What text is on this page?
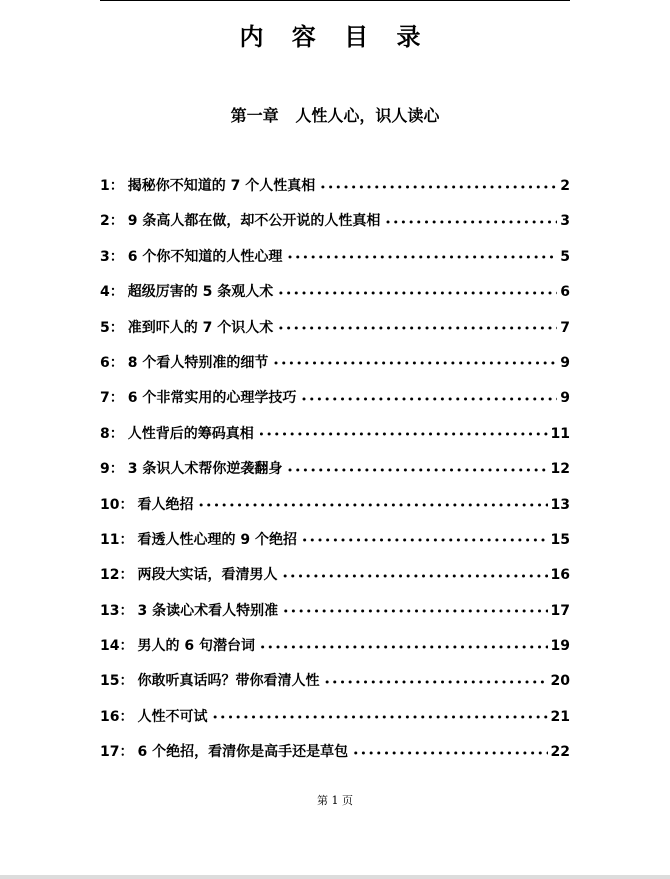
内 容 目 录
第一章   人性人心，识人读心
1： 揭秘你不知道的 7 个人性真相 ●●●●●●●●●●●●●●●●●●●●●●●●●●●●●●●●●●●●●●●●●●●●●●●●●●●●●●●●●●●●●●●●●●●●●●●●●●●●●●●●●●●●●●●●●●●●●●●●●●●●●●●●●●●●●●●●●●	2
2： 9 条高人都在做，却不公开说的人性真相 ●●●●●●●●●●●●●●●●●●●●●●●●●●●●●●●●●●●●●●●●●●●●●●●●●●●●●●●●●●●●●●●●●●●●●●●●●●●●●●●●●●●●●●●●●●●●●●●●●●●●●●●●●●●●●●●●●●	3
3： 6 个你不知道的人性心理 ●●●●●●●●●●●●●●●●●●●●●●●●●●●●●●●●●●●●●●●●●●●●●●●●●●●●●●●●●●●●●●●●●●●●●●●●●●●●●●●●●●●●●●●●●●●●●●●●●●●●●●●●●●●●●●●●●●	5
4： 超级厉害的 5 条观人术 ●●●●●●●●●●●●●●●●●●●●●●●●●●●●●●●●●●●●●●●●●●●●●●●●●●●●●●●●●●●●●●●●●●●●●●●●●●●●●●●●●●●●●●●●●●●●●●●●●●●●●●●●●●●●●●●●●●	6
5： 准到吓人的 7 个识人术 ●●●●●●●●●●●●●●●●●●●●●●●●●●●●●●●●●●●●●●●●●●●●●●●●●●●●●●●●●●●●●●●●●●●●●●●●●●●●●●●●●●●●●●●●●●●●●●●●●●●●●●●●●●●●●●●●●●	7
6： 8 个看人特别准的细节 ●●●●●●●●●●●●●●●●●●●●●●●●●●●●●●●●●●●●●●●●●●●●●●●●●●●●●●●●●●●●●●●●●●●●●●●●●●●●●●●●●●●●●●●●●●●●●●●●●●●●●●●●●●●●●●●●●●	9
7： 6 个非常实用的心理学技巧 ●●●●●●●●●●●●●●●●●●●●●●●●●●●●●●●●●●●●●●●●●●●●●●●●●●●●●●●●●●●●●●●●●●●●●●●●●●●●●●●●●●●●●●●●●●●●●●●●●●●●●●●●●●●●●●●●●●	9
8： 人性背后的筹码真相 ●●●●●●●●●●●●●●●●●●●●●●●●●●●●●●●●●●●●●●●●●●●●●●●●●●●●●●●●●●●●●●●●●●●●●●●●●●●●●●●●●●●●●●●●●●●●●●●●●●●●●●●●●●●●●●●●●●	11
9： 3 条识人术帮你逆袭翻身 ●●●●●●●●●●●●●●●●●●●●●●●●●●●●●●●●●●●●●●●●●●●●●●●●●●●●●●●●●●●●●●●●●●●●●●●●●●●●●●●●●●●●●●●●●●●●●●●●●●●●●●●●●●●●●●●●●●	12
10： 看人绝招 ●●●●●●●●●●●●●●●●●●●●●●●●●●●●●●●●●●●●●●●●●●●●●●●●●●●●●●●●●●●●●●●●●●●●●●●●●●●●●●●●●●●●●●●●●●●●●●●●●●●●●●●●●●●●●●●●●●	13
11： 看透人性心理的 9 个绝招 ●●●●●●●●●●●●●●●●●●●●●●●●●●●●●●●●●●●●●●●●●●●●●●●●●●●●●●●●●●●●●●●●●●●●●●●●●●●●●●●●●●●●●●●●●●●●●●●●●●●●●●●●●●●●●●●●●●	15
12： 两段大实话，看清男人 ●●●●●●●●●●●●●●●●●●●●●●●●●●●●●●●●●●●●●●●●●●●●●●●●●●●●●●●●●●●●●●●●●●●●●●●●●●●●●●●●●●●●●●●●●●●●●●●●●●●●●●●●●●●●●●●●●●	16
13： 3 条读心术看人特别准 ●●●●●●●●●●●●●●●●●●●●●●●●●●●●●●●●●●●●●●●●●●●●●●●●●●●●●●●●●●●●●●●●●●●●●●●●●●●●●●●●●●●●●●●●●●●●●●●●●●●●●●●●●●●●●●●●●●	17
14： 男人的 6 句潜台词 ●●●●●●●●●●●●●●●●●●●●●●●●●●●●●●●●●●●●●●●●●●●●●●●●●●●●●●●●●●●●●●●●●●●●●●●●●●●●●●●●●●●●●●●●●●●●●●●●●●●●●●●●●●●●●●●●●●	19
15： 你敢听真话吗？带你看清人性 ●●●●●●●●●●●●●●●●●●●●●●●●●●●●●●●●●●●●●●●●●●●●●●●●●●●●●●●●●●●●●●●●●●●●●●●●●●●●●●●●●●●●●●●●●●●●●●●●●●●●●●●●●●●●●●●●●●	20
16： 人性不可试 ●●●●●●●●●●●●●●●●●●●●●●●●●●●●●●●●●●●●●●●●●●●●●●●●●●●●●●●●●●●●●●●●●●●●●●●●●●●●●●●●●●●●●●●●●●●●●●●●●●●●●●●●●●●●●●●●●●	21
17： 6 个绝招，看清你是高手还是草包 ●●●●●●●●●●●●●●●●●●●●●●●●●●●●●●●●●●●●●●●●●●●●●●●●●●●●●●●●●●●●●●●●●●●●●●●●●●●●●●●●●●●●●●●●●●●●●●●●●●●●●●●●●●●●●●●●●●	22
第 1 页
